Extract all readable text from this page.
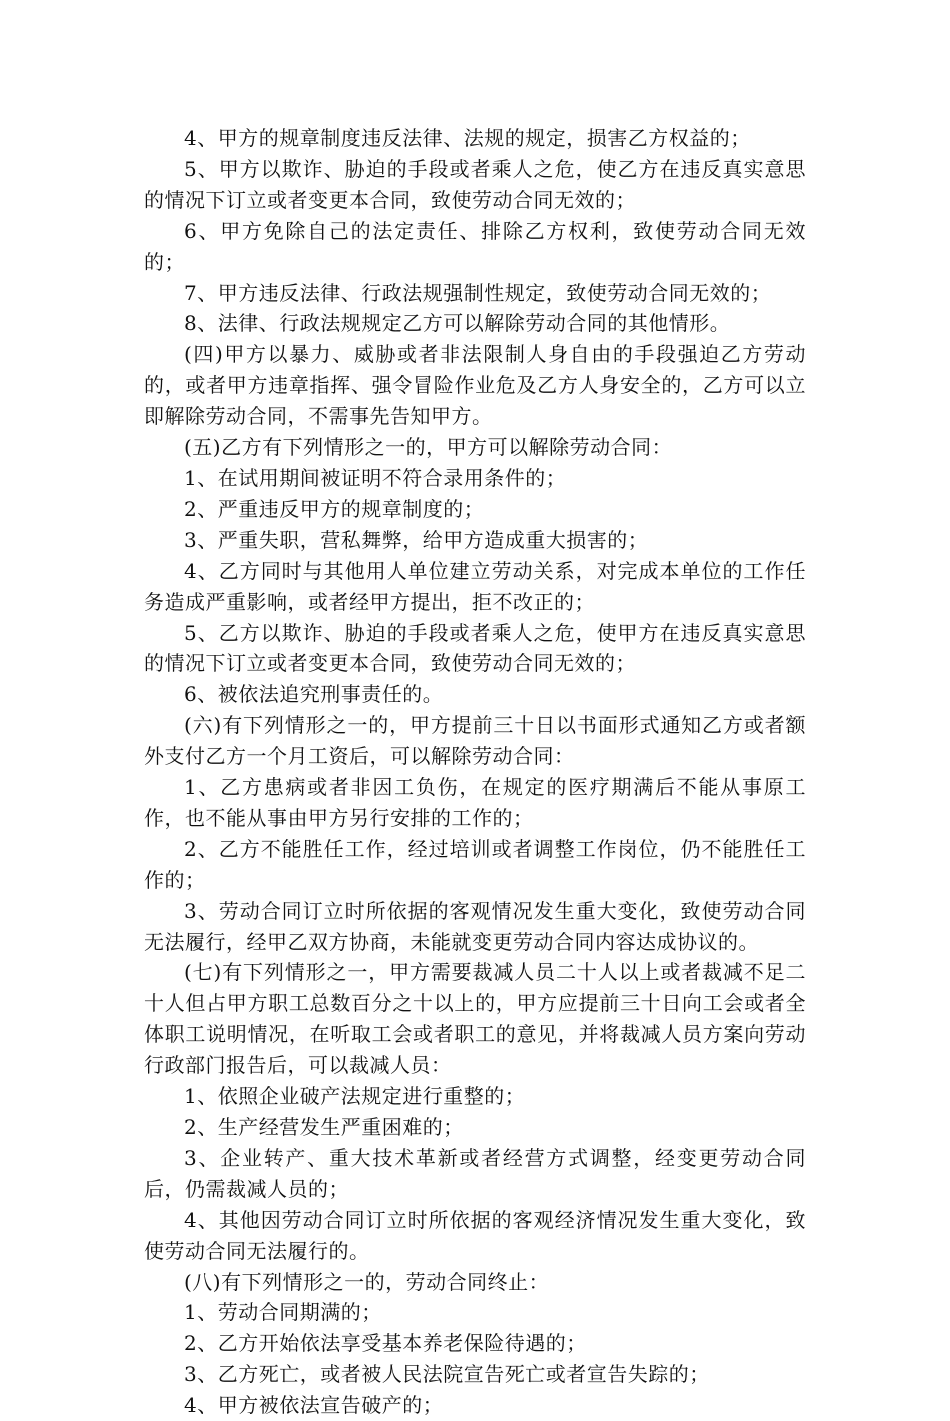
4、甲方的规章制度违反法律、法规的规定，损害乙方权益的；

5、甲方以欺诈、胁迫的手段或者乘人之危，使乙方在违反真实意思的情况下订立或者变更本合同，致使劳动合同无效的；

6、甲方免除自己的法定责任、排除乙方权利，致使劳动合同无效的；

7、甲方违反法律、行政法规强制性规定，致使劳动合同无效的；

8、法律、行政法规规定乙方可以解除劳动合同的其他情形。

(四)甲方以暴力、威胁或者非法限制人身自由的手段强迫乙方劳动的，或者甲方违章指挥、强令冒险作业危及乙方人身安全的，乙方可以立即解除劳动合同，不需事先告知甲方。

(五)乙方有下列情形之一的，甲方可以解除劳动合同：

1、在试用期间被证明不符合录用条件的；

2、严重违反甲方的规章制度的；

3、严重失职，营私舞弊，给甲方造成重大损害的；

4、乙方同时与其他用人单位建立劳动关系，对完成本单位的工作任务造成严重影响，或者经甲方提出，拒不改正的；

5、乙方以欺诈、胁迫的手段或者乘人之危，使甲方在违反真实意思的情况下订立或者变更本合同，致使劳动合同无效的；

6、被依法追究刑事责任的。

(六)有下列情形之一的，甲方提前三十日以书面形式通知乙方或者额外支付乙方一个月工资后，可以解除劳动合同：

1、乙方患病或者非因工负伤，在规定的医疗期满后不能从事原工作，也不能从事由甲方另行安排的工作的；

2、乙方不能胜任工作，经过培训或者调整工作岗位，仍不能胜任工作的；

3、劳动合同订立时所依据的客观情况发生重大变化，致使劳动合同无法履行，经甲乙双方协商，未能就变更劳动合同内容达成协议的。

(七)有下列情形之一，甲方需要裁减人员二十人以上或者裁减不足二十人但占甲方职工总数百分之十以上的，甲方应提前三十日向工会或者全体职工说明情况，在听取工会或者职工的意见，并将裁减人员方案向劳动行政部门报告后，可以裁减人员：

1、依照企业破产法规定进行重整的；

2、生产经营发生严重困难的；

3、企业转产、重大技术革新或者经营方式调整，经变更劳动合同后，仍需裁减人员的；

4、其他因劳动合同订立时所依据的客观经济情况发生重大变化，致使劳动合同无法履行的。

(八)有下列情形之一的，劳动合同终止：

1、劳动合同期满的；

2、乙方开始依法享受基本养老保险待遇的；

3、乙方死亡，或者被人民法院宣告死亡或者宣告失踪的；

4、甲方被依法宣告破产的；
